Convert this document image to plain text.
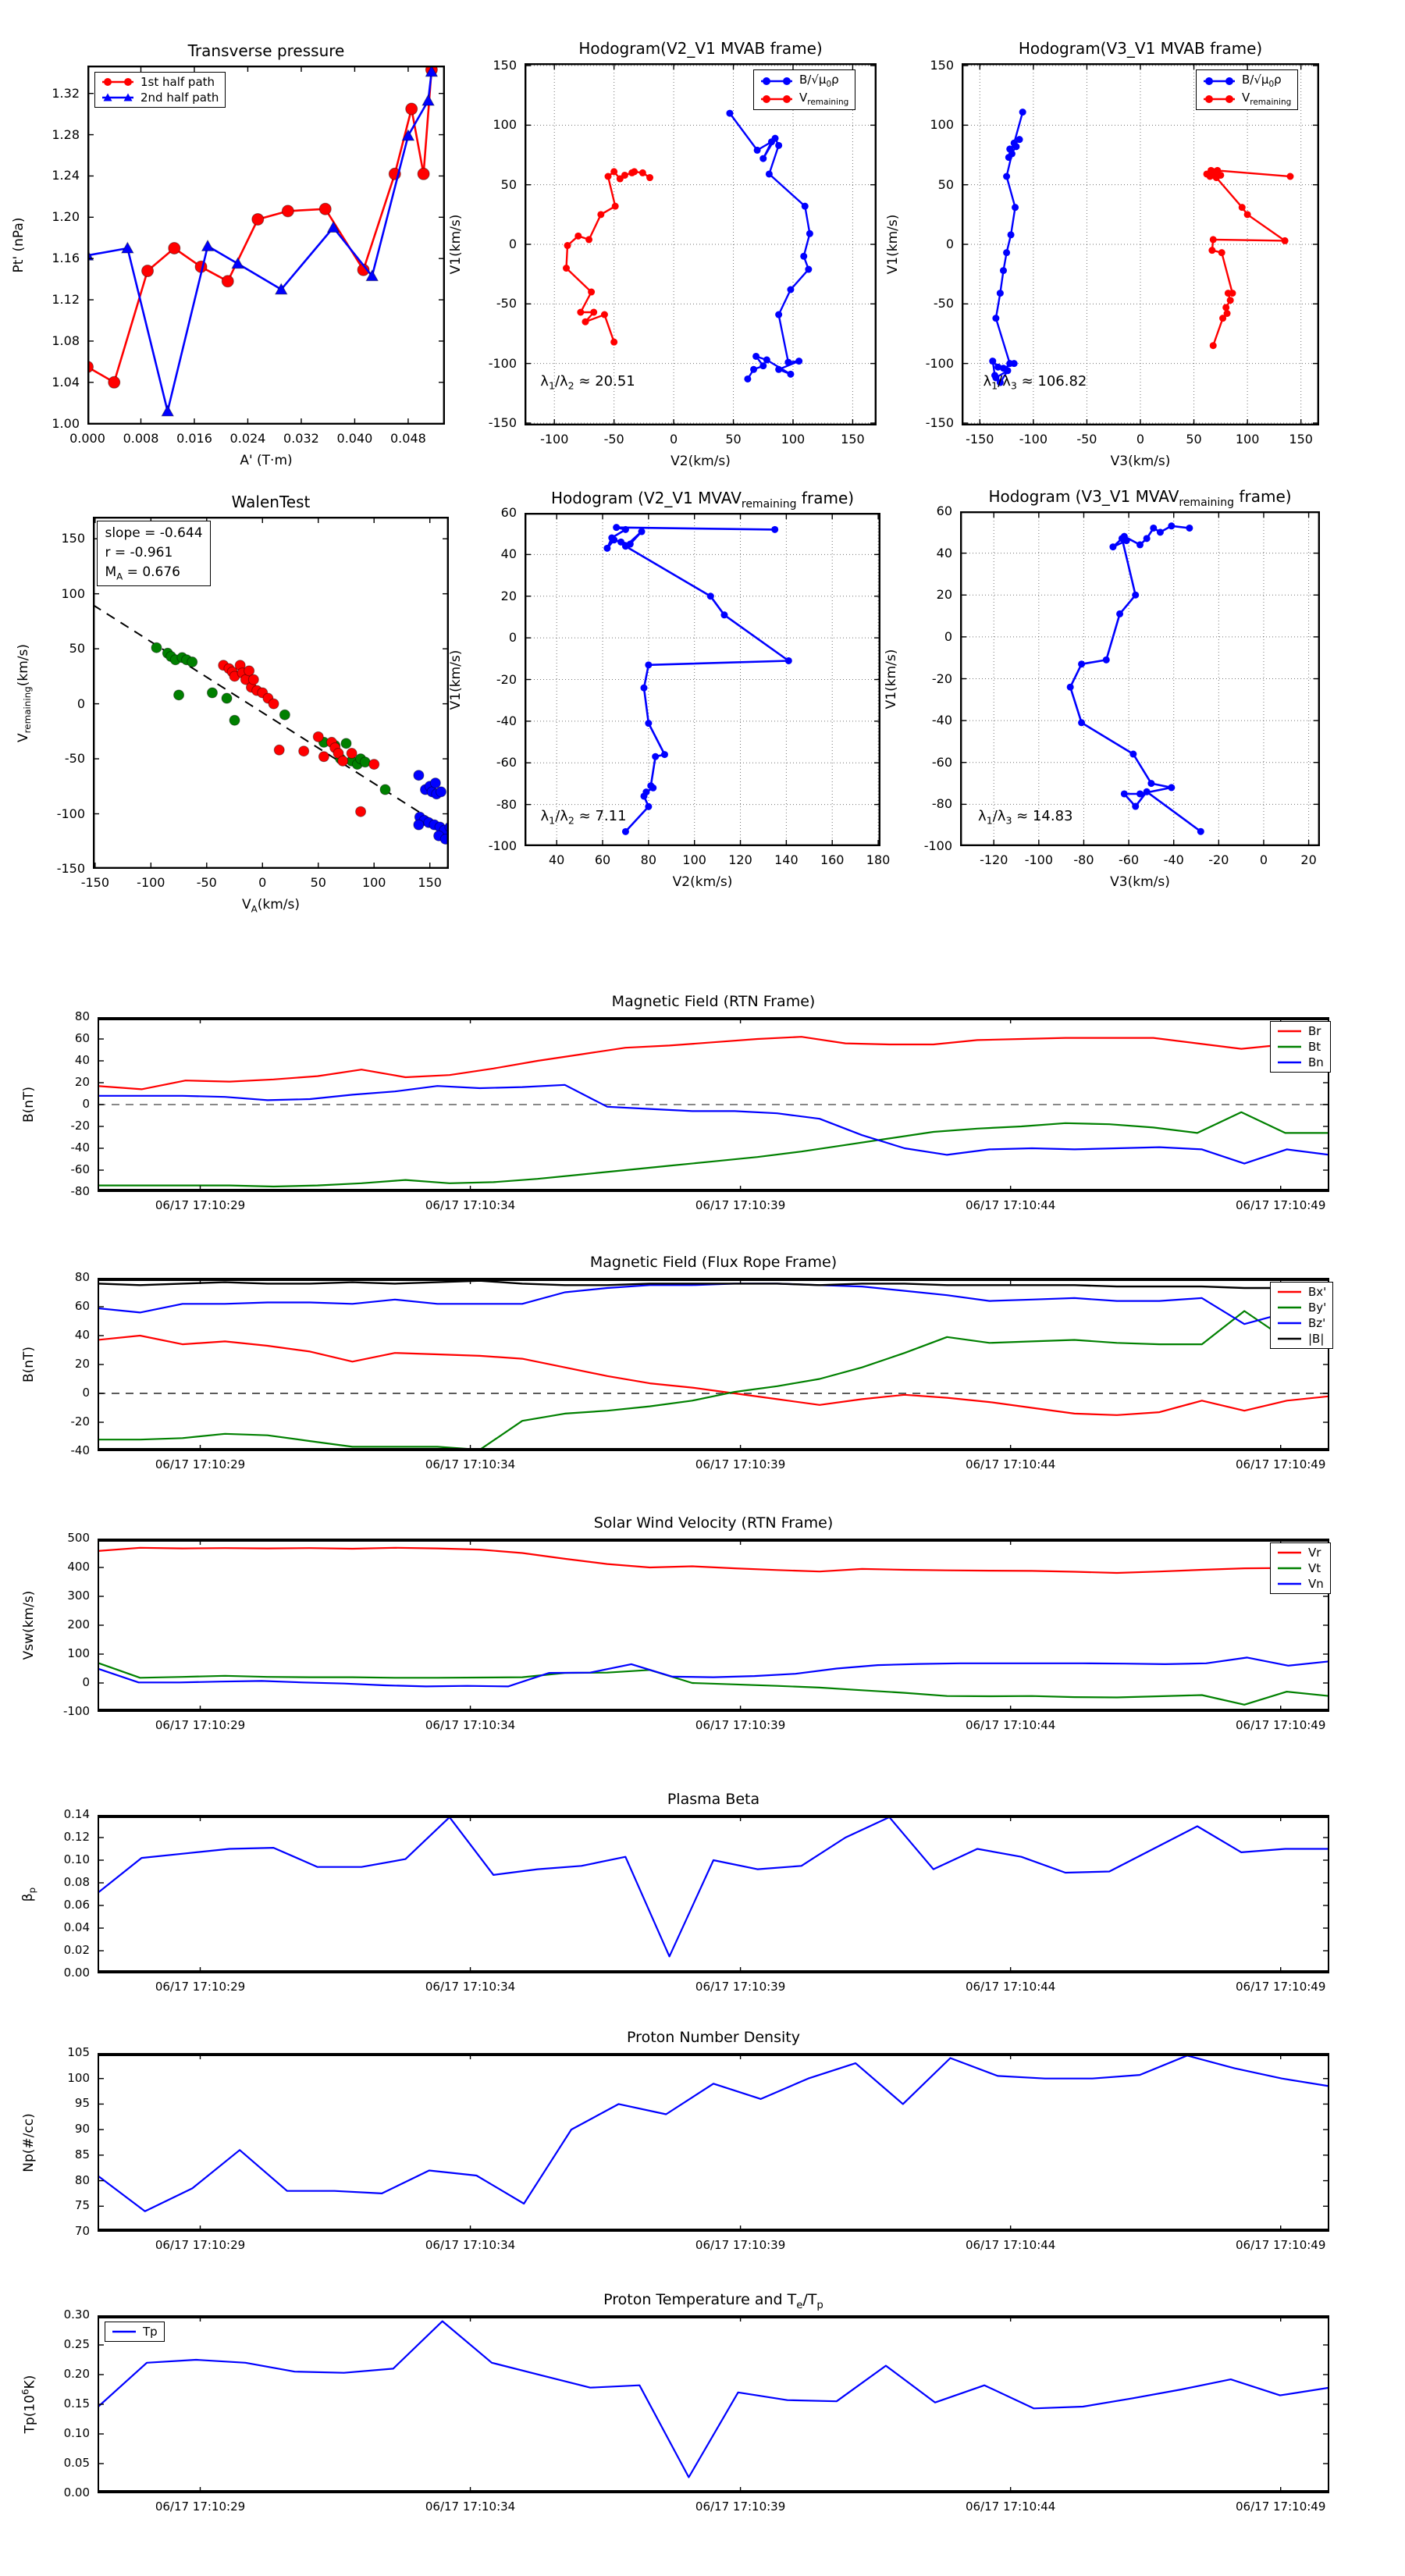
Transverse pressure
1.00
1.04
1.08
1.12
1.16
1.20
1.24
1.28
1.32
0.000	0.008	0.016	0.024	0.032	0.040	0.048
A' (T·m)
Pt' (nPa)
1st half path
2nd half path
Hodogram(V2_V1 MVAB frame)
-150
-100
-50
0
50
100
150
-100	-50	0	50	100	150
V2(km/s)
V1(km/s)
$\lambda_1/\lambda_2 \approx 20.51$
$B/√\mu_0\rho$
$V_{remaining}$
Hodogram(V3_V1 MVAB frame)
-150
-100
-50
0
50
100
150
-150	-100	-50	0	50	100	150
V3(km/s)
V1(km/s)
$\lambda_1/\lambda_3 \approx 106.82$
$B/√\mu_0\rho$
$V_{remaining}$
WalenTest
-150
-100
-50
0
50
100
150
-150	-100	-50	0	50	100	150
$V_A(km/s)$
$V_{remaining}(km/s)$
slope = -0.644
r = -0.961
$M_A = 0.676$
Hodogram (V2_V1 $MVAV_{remaining}$ frame)
-100
-80
-60
-40
-20
0
20
40
60
40	60	80	100	120	140	160	180
V2(km/s)
V1(km/s)
$\lambda_1/\lambda_2 \approx 7.11$
Hodogram (V3_V1 $MVAV_{remaining}$ frame)
-100
-80
-60
-40
-20
0
20
40
60
-120	-100	-80	-60	-40	-20	0	20
V3(km/s)
V1(km/s)
$\lambda_1/\lambda_3 \approx 14.83$
Magnetic Field (RTN Frame)
-80
-60
-40
-20
0
20
40
60
80
06/17 17:10:29	06/17 17:10:34	06/17 17:10:39	06/17 17:10:44	06/17 17:10:49
B(nT)
Br
Bt
Bn
Magnetic Field (Flux Rope Frame)
-40
-20
0
20
40
60
80
06/17 17:10:29	06/17 17:10:34	06/17 17:10:39	06/17 17:10:44	06/17 17:10:49
B(nT)
Bx'
By'
Bz'
|B|
Solar Wind Velocity (RTN Frame)
-100
0
100
200
300
400
500
06/17 17:10:29	06/17 17:10:34	06/17 17:10:39	06/17 17:10:44	06/17 17:10:49
Vsw(km/s)
Vr
Vt
Vn
Plasma Beta
0.00
0.02
0.04
0.06
0.08
0.10
0.12
0.14
06/17 17:10:29	06/17 17:10:34	06/17 17:10:39	06/17 17:10:44	06/17 17:10:49
$\beta_p$
Proton Number Density
70
75
80
85
90
95
100
105
06/17 17:10:29	06/17 17:10:34	06/17 17:10:39	06/17 17:10:44	06/17 17:10:49
Np(#/cc)
Proton Temperature and $T_e/T_p$
0.00
0.05
0.10
0.15
0.20
0.25
0.30
06/17 17:10:29	06/17 17:10:34	06/17 17:10:39	06/17 17:10:44	06/17 17:10:49
$Tp(10^6K)$
Tp
